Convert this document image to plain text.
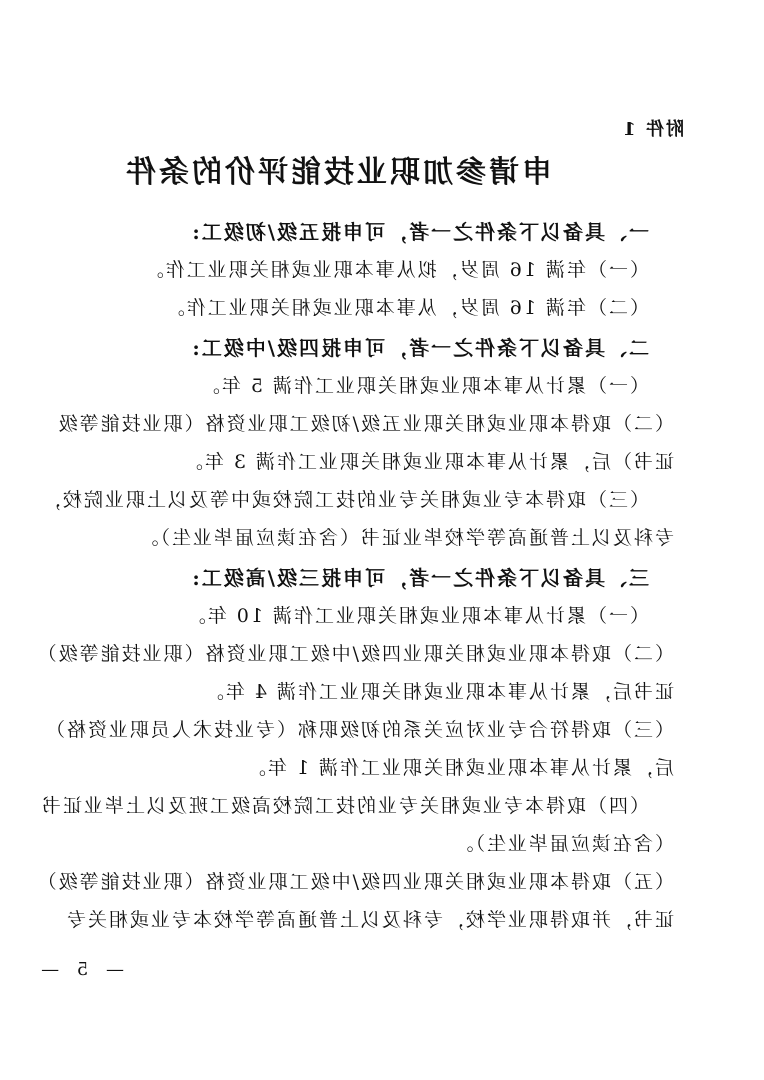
附件 1
申请参加职业技能评价的条件
一、具备以下条件之一者，可申报五级/初级工:
（一）年满 16 周岁，拟从事本职业或相关职业工作。
（二）年满 16 周岁，从事本职业或相关职业工作。
二、具备以下条件之一者，可申报四级/中级工:
（一）累计从事本职业或相关职业工作满 5 年。
（二）取得本职业或相关职业五级/初级工职业资格（职业技能等级
证书）后，累计从事本职业或相关职业工作满 3 年。
（三）取得本专业或相关专业的技工院校或中等及以上职业院校，
专科及以上普通高等学校毕业证书（含在读应届毕业生）。
三、具备以下条件之一者，可申报三级/高级工:
（一）累计从事本职业或相关职业工作满 10 年。
（二）取得本职业或相关职业四级/中级工职业资格（职业技能等级）
证书后，累计从事本职业或相关职业工作满 4 年。
（三）取得符合专业对应关系的初级职称（专业技术人员职业资格）
后，累计从事本职业或相关职业工作满 1 年。
（四）取得本专业或相关专业的技工院校高级工班及以上毕业证书
（含在读应届毕业生）。
（五）取得本职业或相关职业四级/中级工职业资格（职业技能等级）
证书，并取得职业学校，专科及以上普通高等学校本专业或相关专
— 5 —
